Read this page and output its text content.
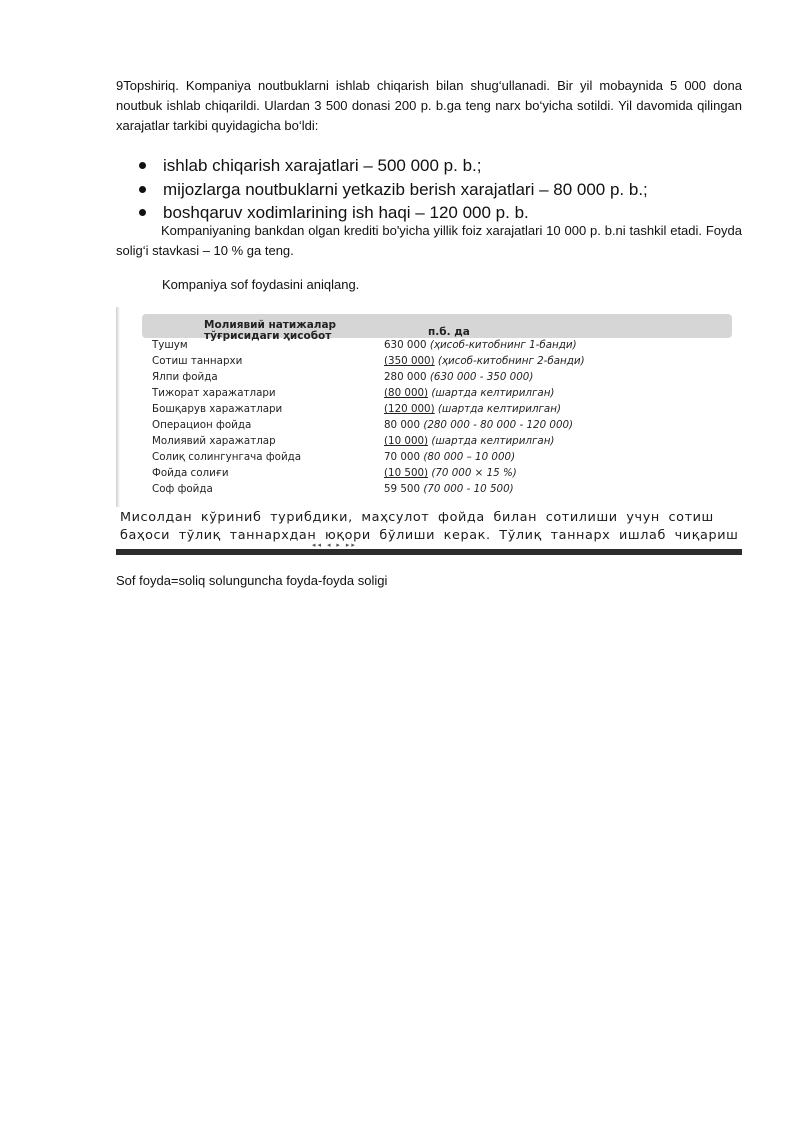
9Topshiriq. Kompaniya noutbuklarni ishlab chiqarish bilan shug‘ullanadi. Bir yil mobaynida 5 000 dona noutbuk ishlab chiqarildi. Ulardan 3 500 donasi 200 p. b.ga teng narx bo‘yicha sotildi. Yil davomida qilingan xarajatlar tarkibi quyidagicha bo‘ldi:

ishlab chiqarish xarajatlari – 500 000 p. b.;
mijozlarga noutbuklarni yetkazib berish xarajatlari – 80 000 p. b.;
boshqaruv xodimlarining ish haqi – 120 000 p. b.

Kompaniyaning bankdan olgan krediti bo'yicha yillik foiz xarajatlari 10 000 p. b.ni tashkil etadi. Foyda solig‘i stavkasi – 10 % ga teng.

Kompaniya sof foydasini aniqlang.

Молиявий натижалар тўғрисидаги ҳисобот	п.б. да
Тушум	630 000 (ҳисоб-китобнинг 1-банди)
Сотиш таннархи	(350 000) (ҳисоб-китобнинг 2-банди)
Ялпи фойда	280 000 (630 000 - 350 000)
Тижорат харажатлари	(80 000) (шартда келтирилган)
Бошқарув харажатлари	(120 000) (шартда келтирилган)
Операцион фойда	80 000 (280 000 - 80 000 - 120 000)
Молиявий харажатлар	(10 000) (шартда келтирилган)
Солиқ солингунгача фойда	70 000 (80 000 – 10 000)
Фойда солиғи	(10 500) (70 000 × 15 %)
Соф фойда	59 500 (70 000 - 10 500)
Мисолдан кўриниб турибдики, маҳсулот фойда билан сотилиши учун сотиш
баҳоси тўлиқ таннархдан юқори бўлиши керак. Тўлиқ таннарх ишлаб чиқариш
◂◂ ◂ ▸ ▸▸

Sof foyda=soliq solunguncha foyda-foyda soligi
